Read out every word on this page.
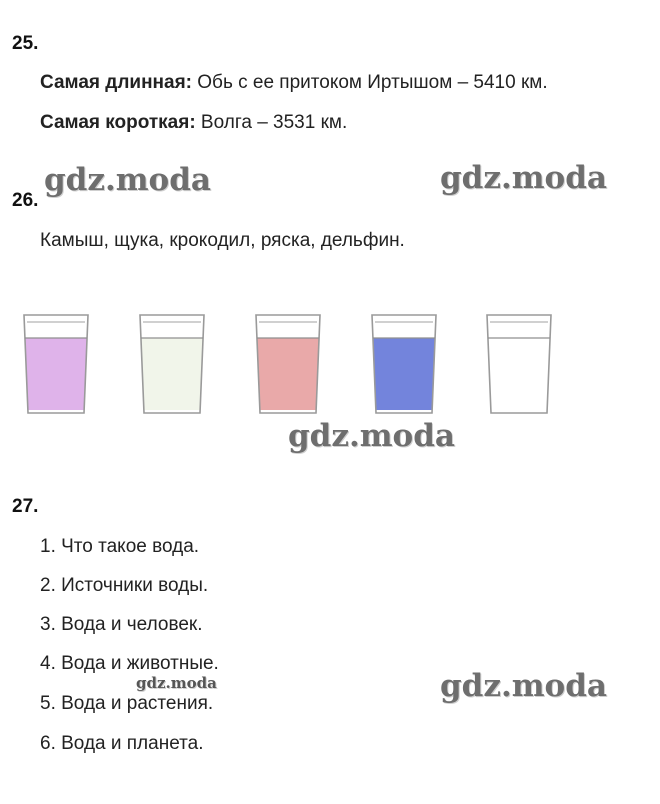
25.
Самая длинная: Обь с ее притоком Иртышом – 5410 км.
Самая короткая: Волга – 3531 км.
gdz.moda	gdz.moda
26.
Камыш, щука, крокодил, ряска, дельфин.
gdz.moda
27.
1. Что такое вода.
2. Источники воды.
3. Вода и человек.
4. Вода и животные.
5. Вода и растения.
6. Вода и планета.
gdz.moda	gdz.moda
